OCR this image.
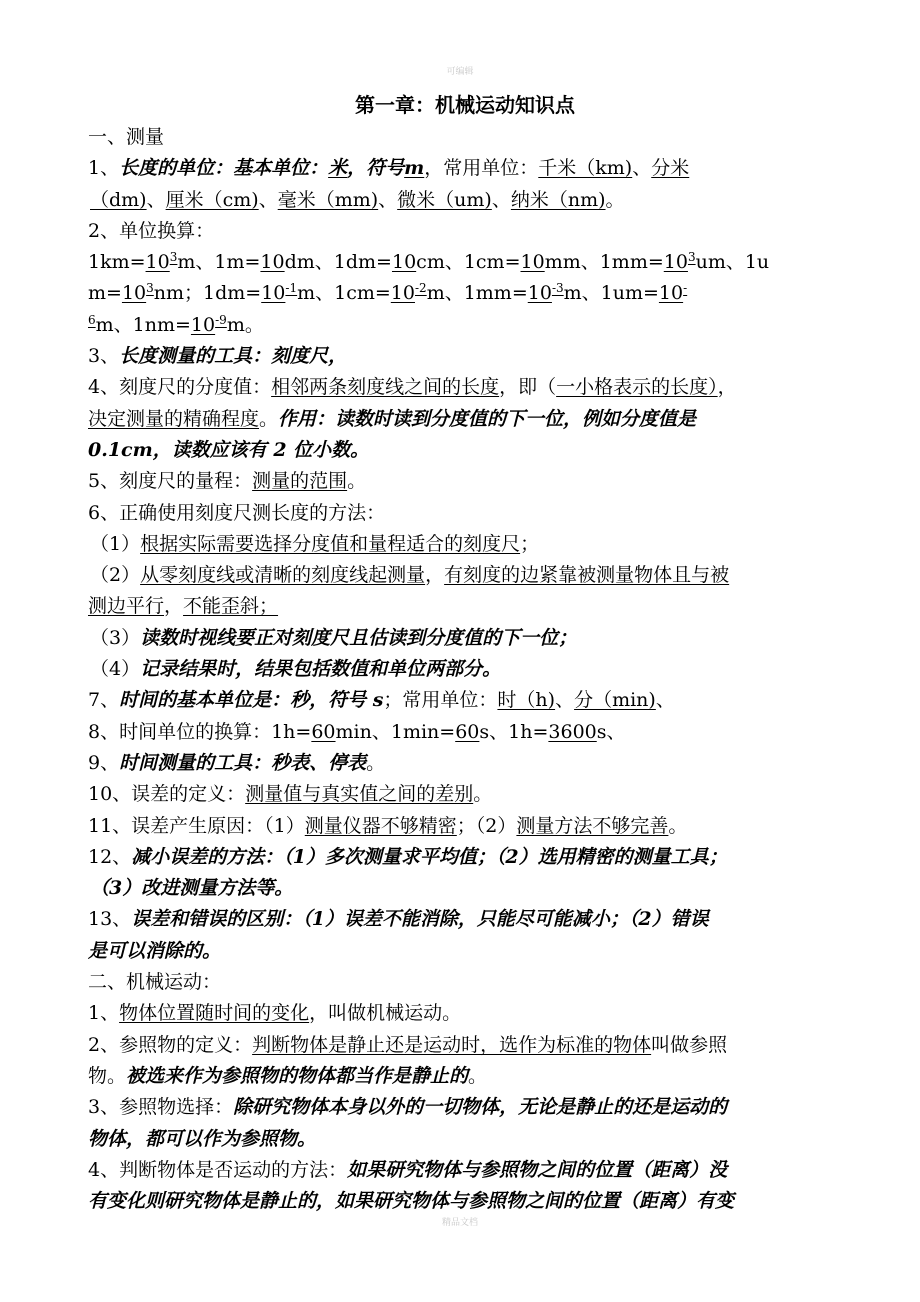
可编辑

第一章：机械运动知识点

一、测量

1、长度的单位：基本单位：米，符号m，常用单位：千米（km)、分米

（dm)、厘米（cm)、毫米（mm)、微米（um)、纳米（nm)。

2、单位换算：

$1km=10^3m$、1m=10dm、1dm=10cm、1cm=10mm、$1mm=10^3um$、1u

$m=10^3nm$；$1dm=10^{-1}m$、$1cm=10^{-2}m$、$1mm=10^{-3}m$、1um=10-

$^6$m、$1nm=10^{-9}m$。

3、长度测量的工具：刻度尺，

4、刻度尺的分度值：相邻两条刻度线之间的长度，即（一小格表示的长度），

决定测量的精确程度。作用：读数时读到分度值的下一位，例如分度值是

0.1cm，读数应该有 2 位小数。

5、刻度尺的量程：测量的范围。

6、正确使用刻度尺测长度的方法：

（1）根据实际需要选择分度值和量程适合的刻度尺；

（2）从零刻度线或清晰的刻度线起测量，有刻度的边紧靠被测量物体且与被

测边平行，不能歪斜；

（3）读数时视线要正对刻度尺且估读到分度值的下一位；

（4）记录结果时，结果包括数值和单位两部分。

7、时间的基本单位是：秒，符号 s；常用单位：时（h)、分（min)、

8、时间单位的换算：1h=60min、1min=60s、1h=3600s、

9、时间测量的工具：秒表、停表。

10、误差的定义：测量值与真实值之间的差别。

11、误差产生原因：（1）测量仪器不够精密；（2）测量方法不够完善。

12、减小误差的方法：（1）多次测量求平均值；（2）选用精密的测量工具；

（3）改进测量方法等。

13、误差和错误的区别：（1）误差不能消除，只能尽可能减小；（2）错误

是可以消除的。

二、机械运动：

1、物体位置随时间的变化，叫做机械运动。

2、参照物的定义：判断物体是静止还是运动时，选作为标准的物体叫做参照

物。被选来作为参照物的物体都当作是静止的。

3、参照物选择：除研究物体本身以外的一切物体，无论是静止的还是运动的

物体，都可以作为参照物。

4、判断物体是否运动的方法：如果研究物体与参照物之间的位置（距离）没

有变化则研究物体是静止的，如果研究物体与参照物之间的位置（距离）有变

精品文档
